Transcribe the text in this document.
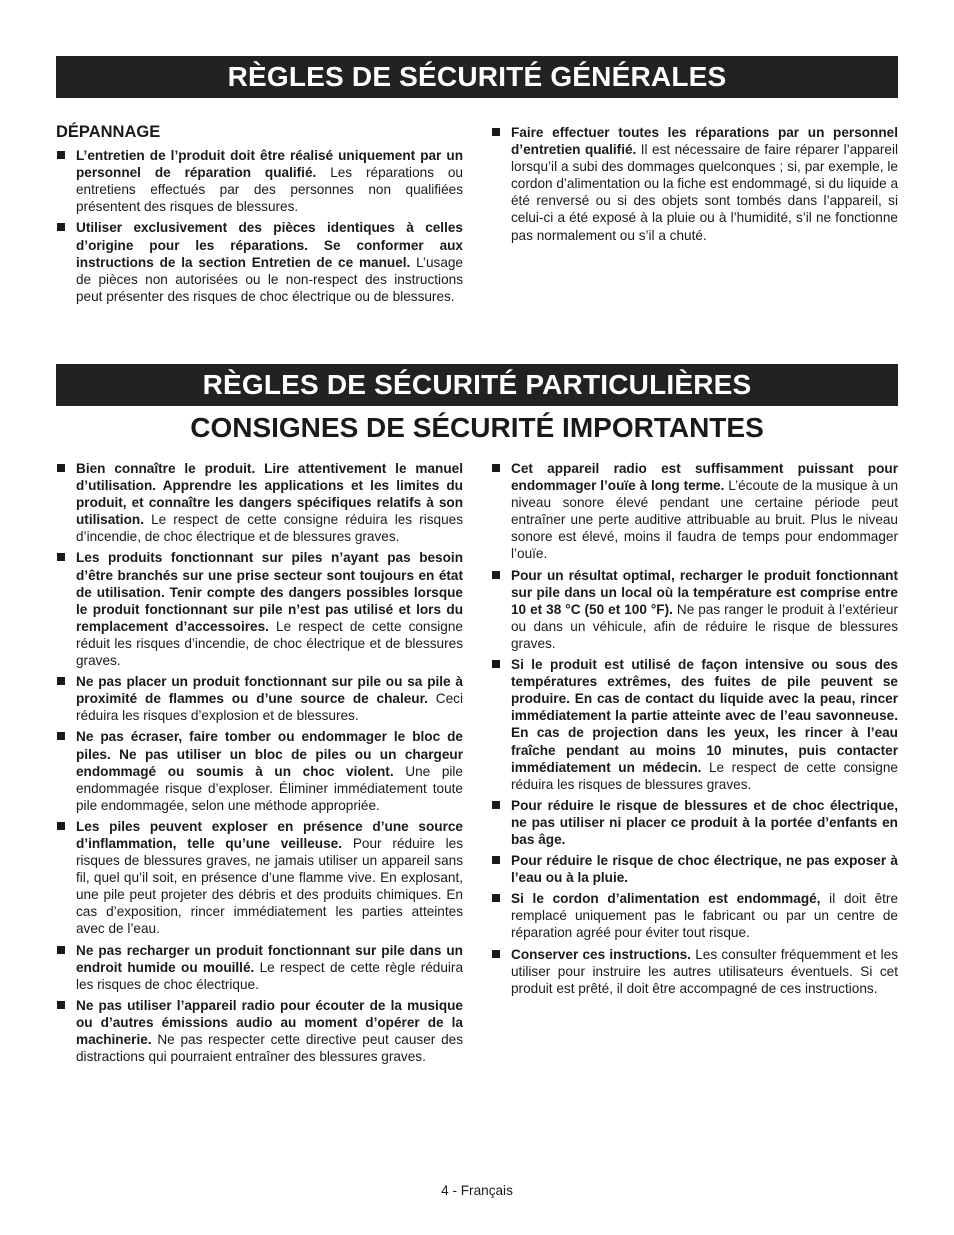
RÈGLES DE SÉCURITÉ GÉNÉRALES
DÉPANNAGE
L’entretien de l’produit doit être réalisé uniquement par un personnel de réparation qualifié. Les réparations ou entretiens effectués par des personnes non qualifiées présentent des risques de blessures.
Utiliser exclusivement des pièces identiques à celles d’origine pour les réparations. Se conformer aux instructions de la section Entretien de ce manuel. L’usage de pièces non autorisées ou le non-respect des instructions peut présenter des risques de choc électrique ou de blessures.
Faire effectuer toutes les réparations par un personnel d’entretien qualifié. Il est nécessaire de faire réparer l’appareil lorsqu’il a subi des dommages quelconques ; si, par exemple, le cordon d’alimentation ou la fiche est endommagé, si du liquide a été renversé ou si des objets sont tombés dans l’appareil, si celui-ci a été exposé à la pluie ou à l’humidité, s’il ne fonctionne pas normalement ou s’il a chuté.
RÈGLES DE SÉCURITÉ PARTICULIÈRES
CONSIGNES DE SÉCURITÉ IMPORTANTES
Bien connaître le produit. Lire attentivement le manuel d’utilisation. Apprendre les applications et les limites du produit, et connaître les dangers spécifiques relatifs à son utilisation. Le respect de cette consigne réduira les risques d’incendie, de choc électrique et de blessures graves.
Les produits fonctionnant sur piles n’ayant pas besoin d’être branchés sur une prise secteur sont toujours en état de utilisation. Tenir compte des dangers possibles lorsque le produit fonctionnant sur pile n’est pas utilisé et lors du remplacement d’accessoires. Le respect de cette consigne réduit les risques d’incendie, de choc électrique et de blessures graves.
Ne pas placer un produit fonctionnant sur pile ou sa pile à proximité de flammes ou d’une source de chaleur. Ceci réduira les risques d’explosion et de blessures.
Ne pas écraser, faire tomber ou endommager le bloc de piles. Ne pas utiliser un bloc de piles ou un chargeur endommagé ou soumis à un choc violent. Une pile endommagée risque d’exploser. Éliminer immédiatement toute pile endommagée, selon une méthode appropriée.
Les piles peuvent exploser en présence d’une source d’inflammation, telle qu’une veilleuse. Pour réduire les risques de blessures graves, ne jamais utiliser un appareil sans fil, quel qu’il soit, en présence d’une flamme vive. En explosant, une pile peut projeter des débris et des produits chimiques. En cas d’exposition, rincer immédiatement les parties atteintes avec de l’eau.
Ne pas recharger un produit fonctionnant sur pile dans un endroit humide ou mouillé. Le respect de cette règle réduira les risques de choc électrique.
Ne pas utiliser l’appareil radio pour écouter de la musique ou d’autres émissions audio au moment d’opérer de la machinerie. Ne pas respecter cette directive peut causer des distractions qui pourraient entraîner des blessures graves.
Cet appareil radio est suffisamment puissant pour endommager l’ouïe à long terme. L’écoute de la musique à un niveau sonore élevé pendant une certaine période peut entraîner une perte auditive attribuable au bruit. Plus le niveau sonore est élevé, moins il faudra de temps pour endommager l’ouïe.
Pour un résultat optimal, recharger le produit fonctionnant sur pile dans un local où la température est comprise entre 10 et 38 °C (50 et 100 °F). Ne pas ranger le produit à l’extérieur ou dans un véhicule, afin de réduire le risque de blessures graves.
Si le produit est utilisé de façon intensive ou sous des températures extrêmes, des fuites de pile peuvent se produire. En cas de contact du liquide avec la peau, rincer immédiatement la partie atteinte avec de l’eau savonneuse. En cas de projection dans les yeux, les rincer à l’eau fraîche pendant au moins 10 minutes, puis contacter immédiatement un médecin. Le respect de cette consigne réduira les risques de blessures graves.
Pour réduire le risque de blessures et de choc électrique, ne pas utiliser ni placer ce produit à la portée d’enfants en bas âge.
Pour réduire le risque de choc électrique, ne pas exposer à l’eau ou à la pluie.
Si le cordon d’alimentation est endommagé, il doit être remplacé uniquement pas le fabricant ou par un centre de réparation agréé pour éviter tout risque.
Conserver ces instructions. Les consulter fréquemment et les utiliser pour instruire les autres utilisateurs éventuels. Si cet produit est prêté, il doit être accompagné de ces instructions.
4 - Français
